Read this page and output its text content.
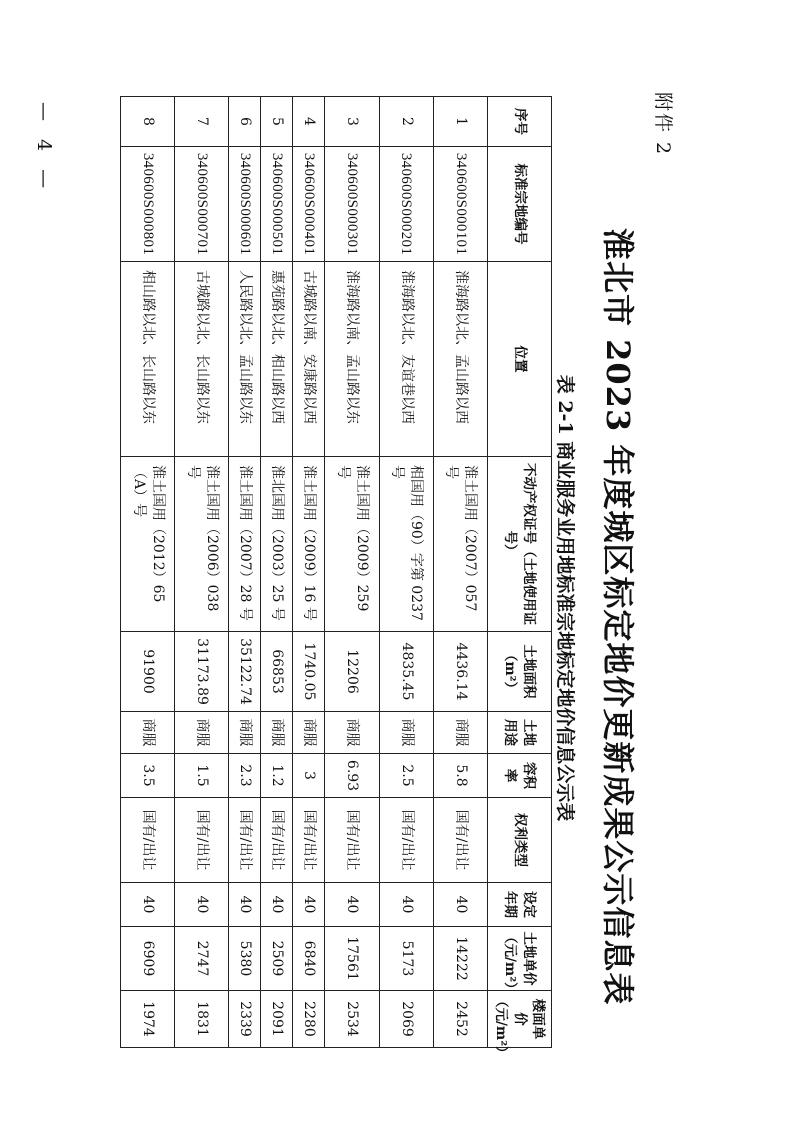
附件 2
淮北市 2023 年度城区标定地价更新成果公示信息表
表 2-1 商业服务业用地标准宗地标定地价信息公示表
序号	标准宗地编号	位置	不动产权证号（土地使用证号）	土地面积（m²）	土地用途	容积率	权利类型	设定年期	土地单价（元/m²）	楼面单价（元/m²）
1	340600S000101	淮海路以北、孟山路以西	淮土国用（2007）057 号	4436.14	商服	5.8	国有/出让	40	14222	2452
2	340600S000201	淮海路以北、友谊巷以西	相国用（90）字第 0237 号	4835.45	商服	2.5	国有/出让	40	5173	2069
3	340600S000301	淮海路以南、孟山路以东	淮土国用（2009）259 号	12206	商服	6.93	国有/出让	40	17561	2534
4	340600S000401	古城路以南、安康路以西	淮土国用（2009）16 号	1740.05	商服	3	国有/出让	40	6840	2280
5	340600S000501	惠苑路以北、相山路以西	淮北国用（2003）25 号	66853	商服	1.2	国有/出让	40	2509	2091
6	340600S000601	人民路以北、孟山路以东	淮土国用（2007）28 号	35122.74	商服	2.3	国有/出让	40	5380	2339
7	340600S000701	古城路以北、长山路以东	淮土国用（2006）038 号	31173.89	商服	1.5	国有/出让	40	2747	1831
8	340600S000801	相山路以北、长山路以东	淮土国用（2012）65（A）号	91900	商服	3.5	国有/出让	40	6909	1974
— 4 —
